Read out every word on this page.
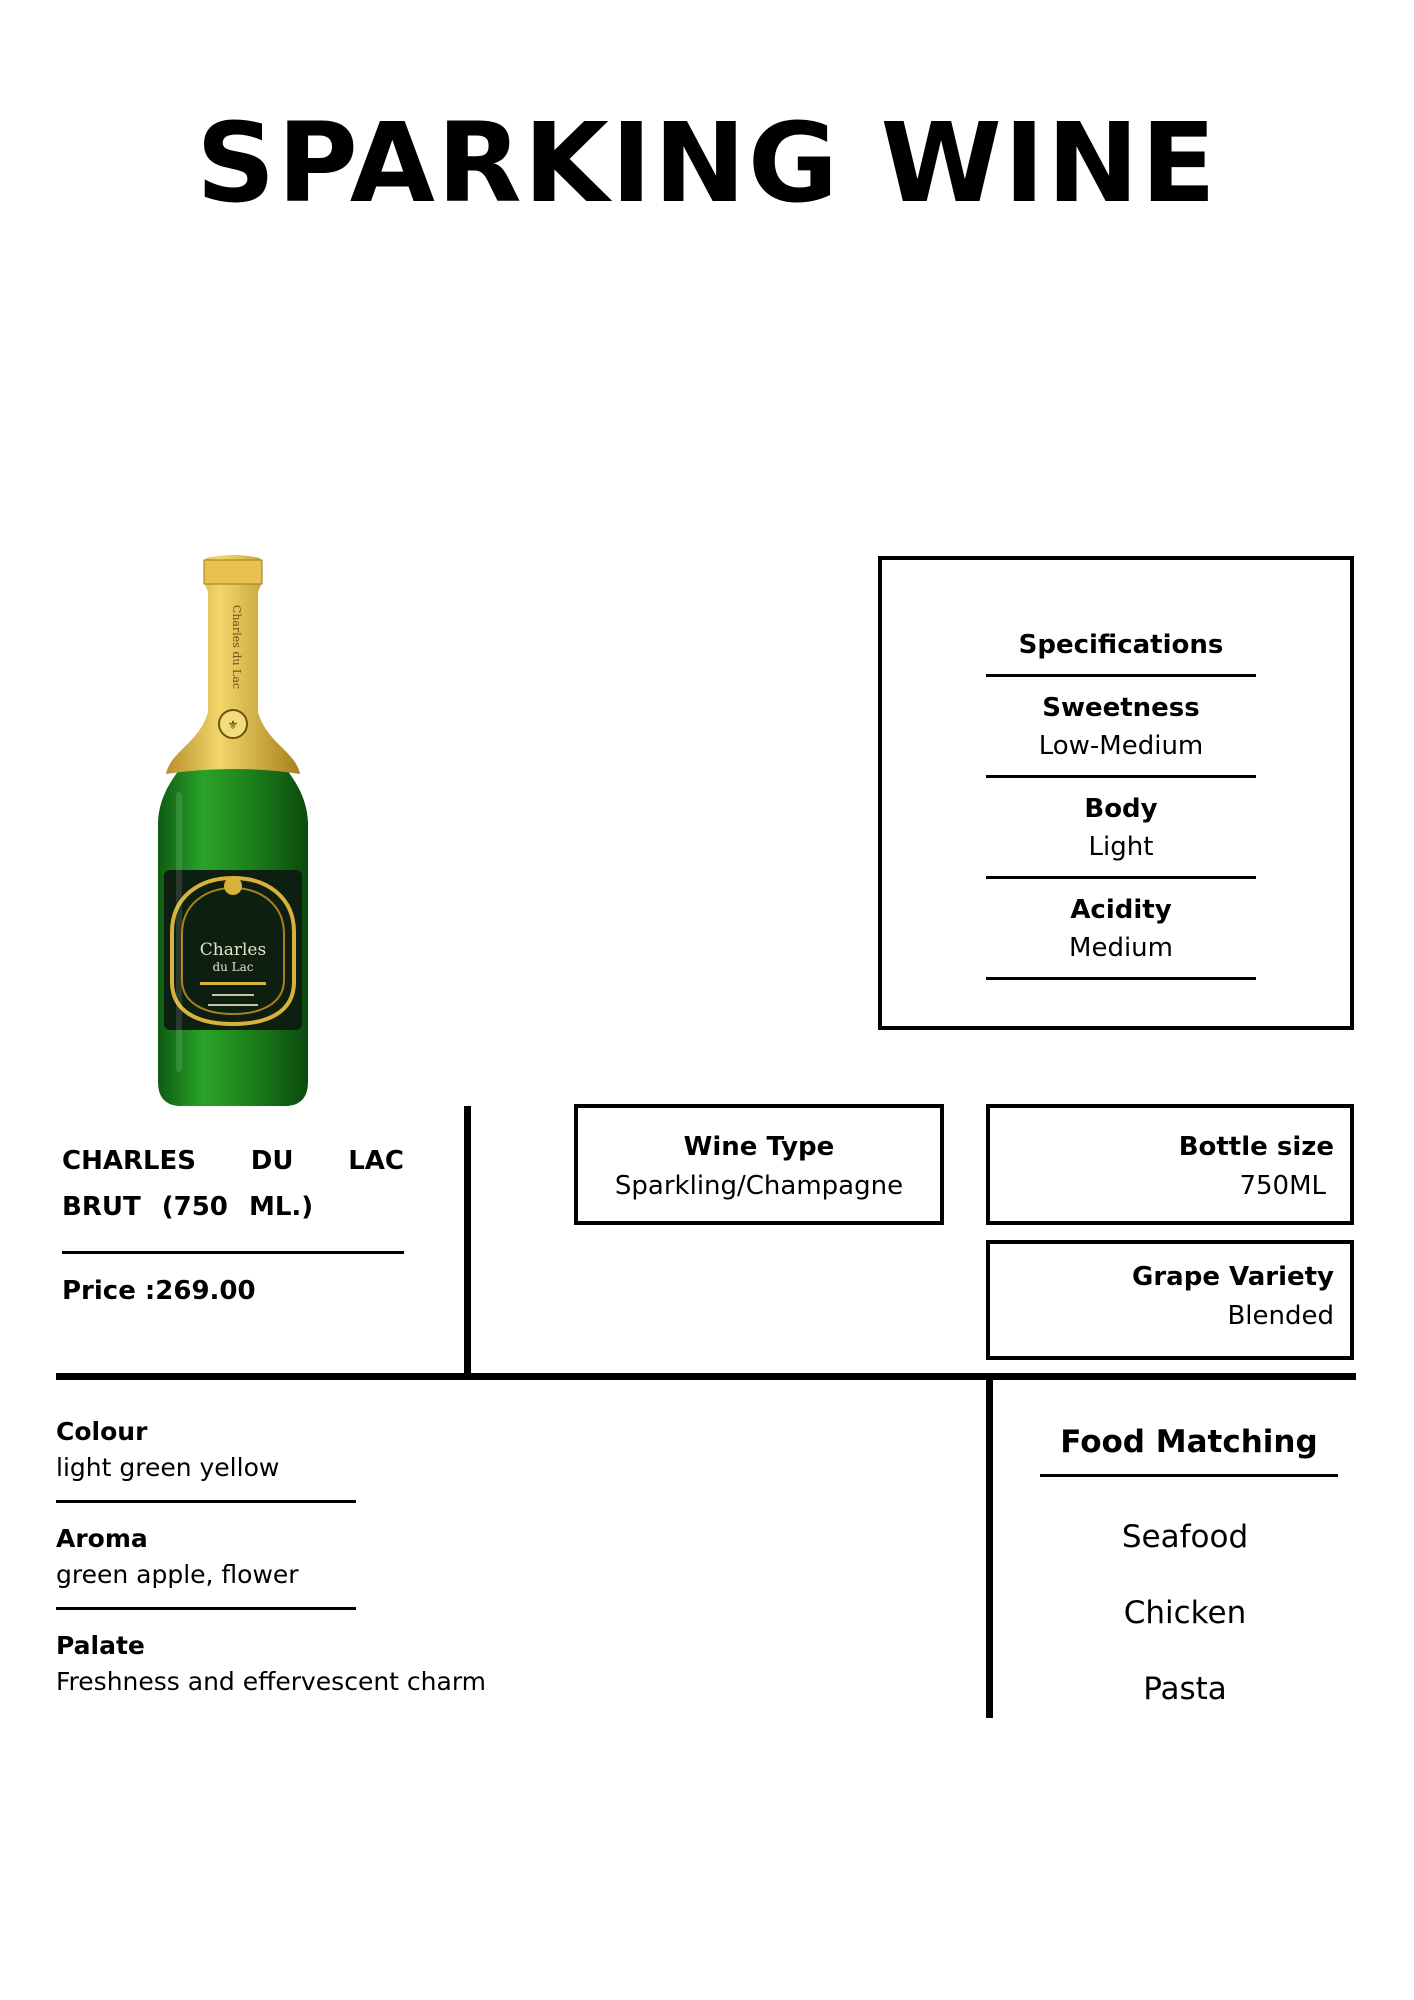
SPARKING WINE
⚜
Charles du Lac
Charles
du Lac
Specifications
Sweetness
Low-Medium
Body
Light
Acidity
Medium
CHARLES DU LAC BRUT (750 ML.)
Price :269.00
Wine Type
Sparkling/Champagne
Bottle size
750ML
Grape Variety
Blended
Colour
light green yellow
Aroma
green apple, flower
Palate
Freshness and effervescent charm
Food Matching
Seafood
Chicken
Pasta
